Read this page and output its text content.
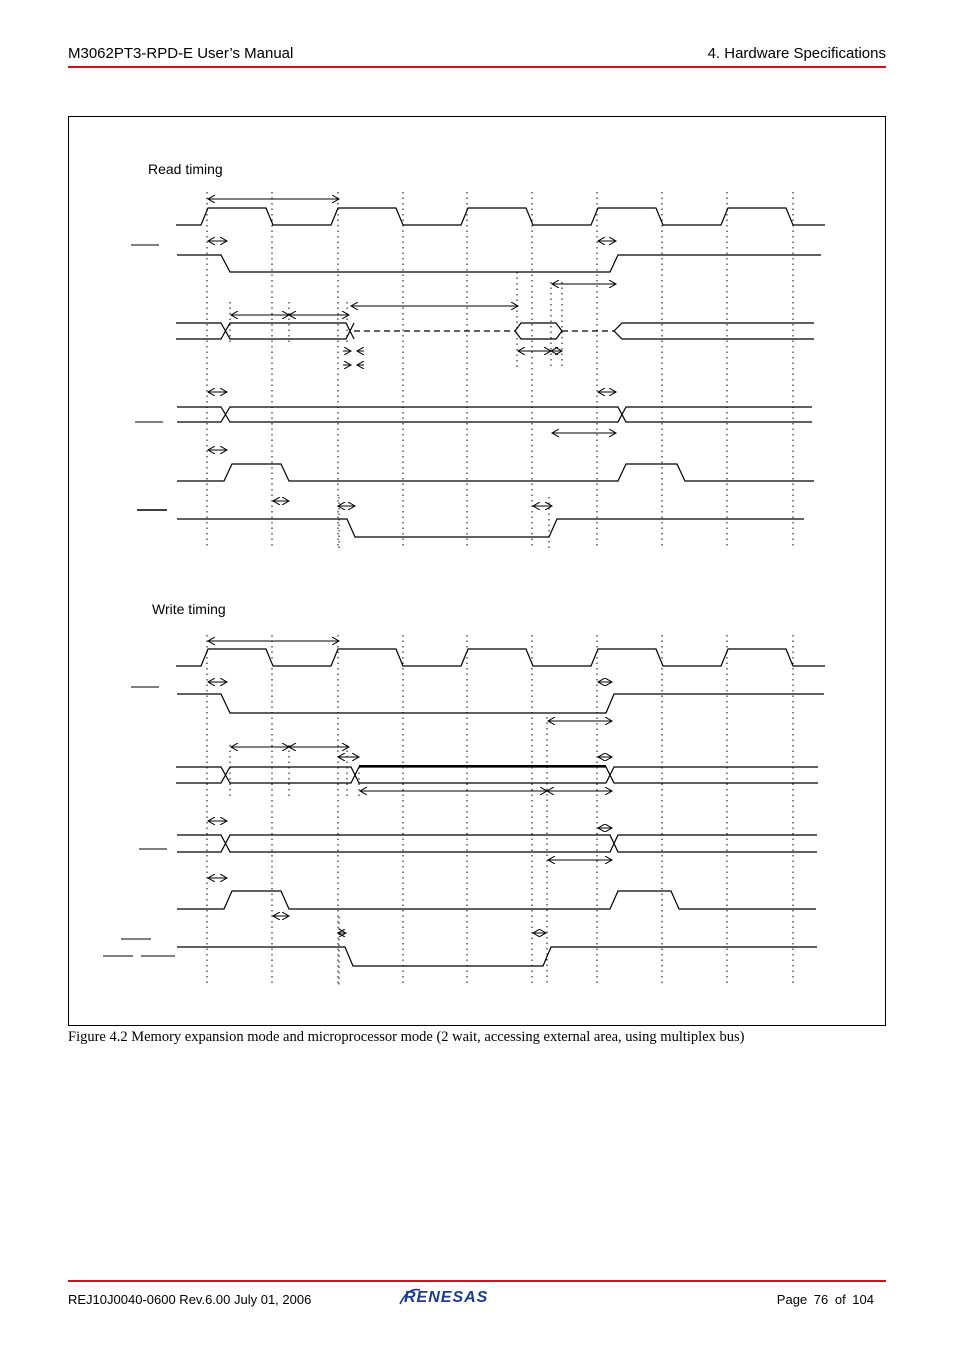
M3062PT3-RPD-E User’s Manual	4. Hardware Specifications
Read timing
Write timing
Figure 4.2 Memory expansion mode and microprocessor mode (2 wait, accessing external area, using multiplex bus)
REJ10J0040-0600 Rev.6.00 July 01, 2006	RENESAS	Page 76 of 104
